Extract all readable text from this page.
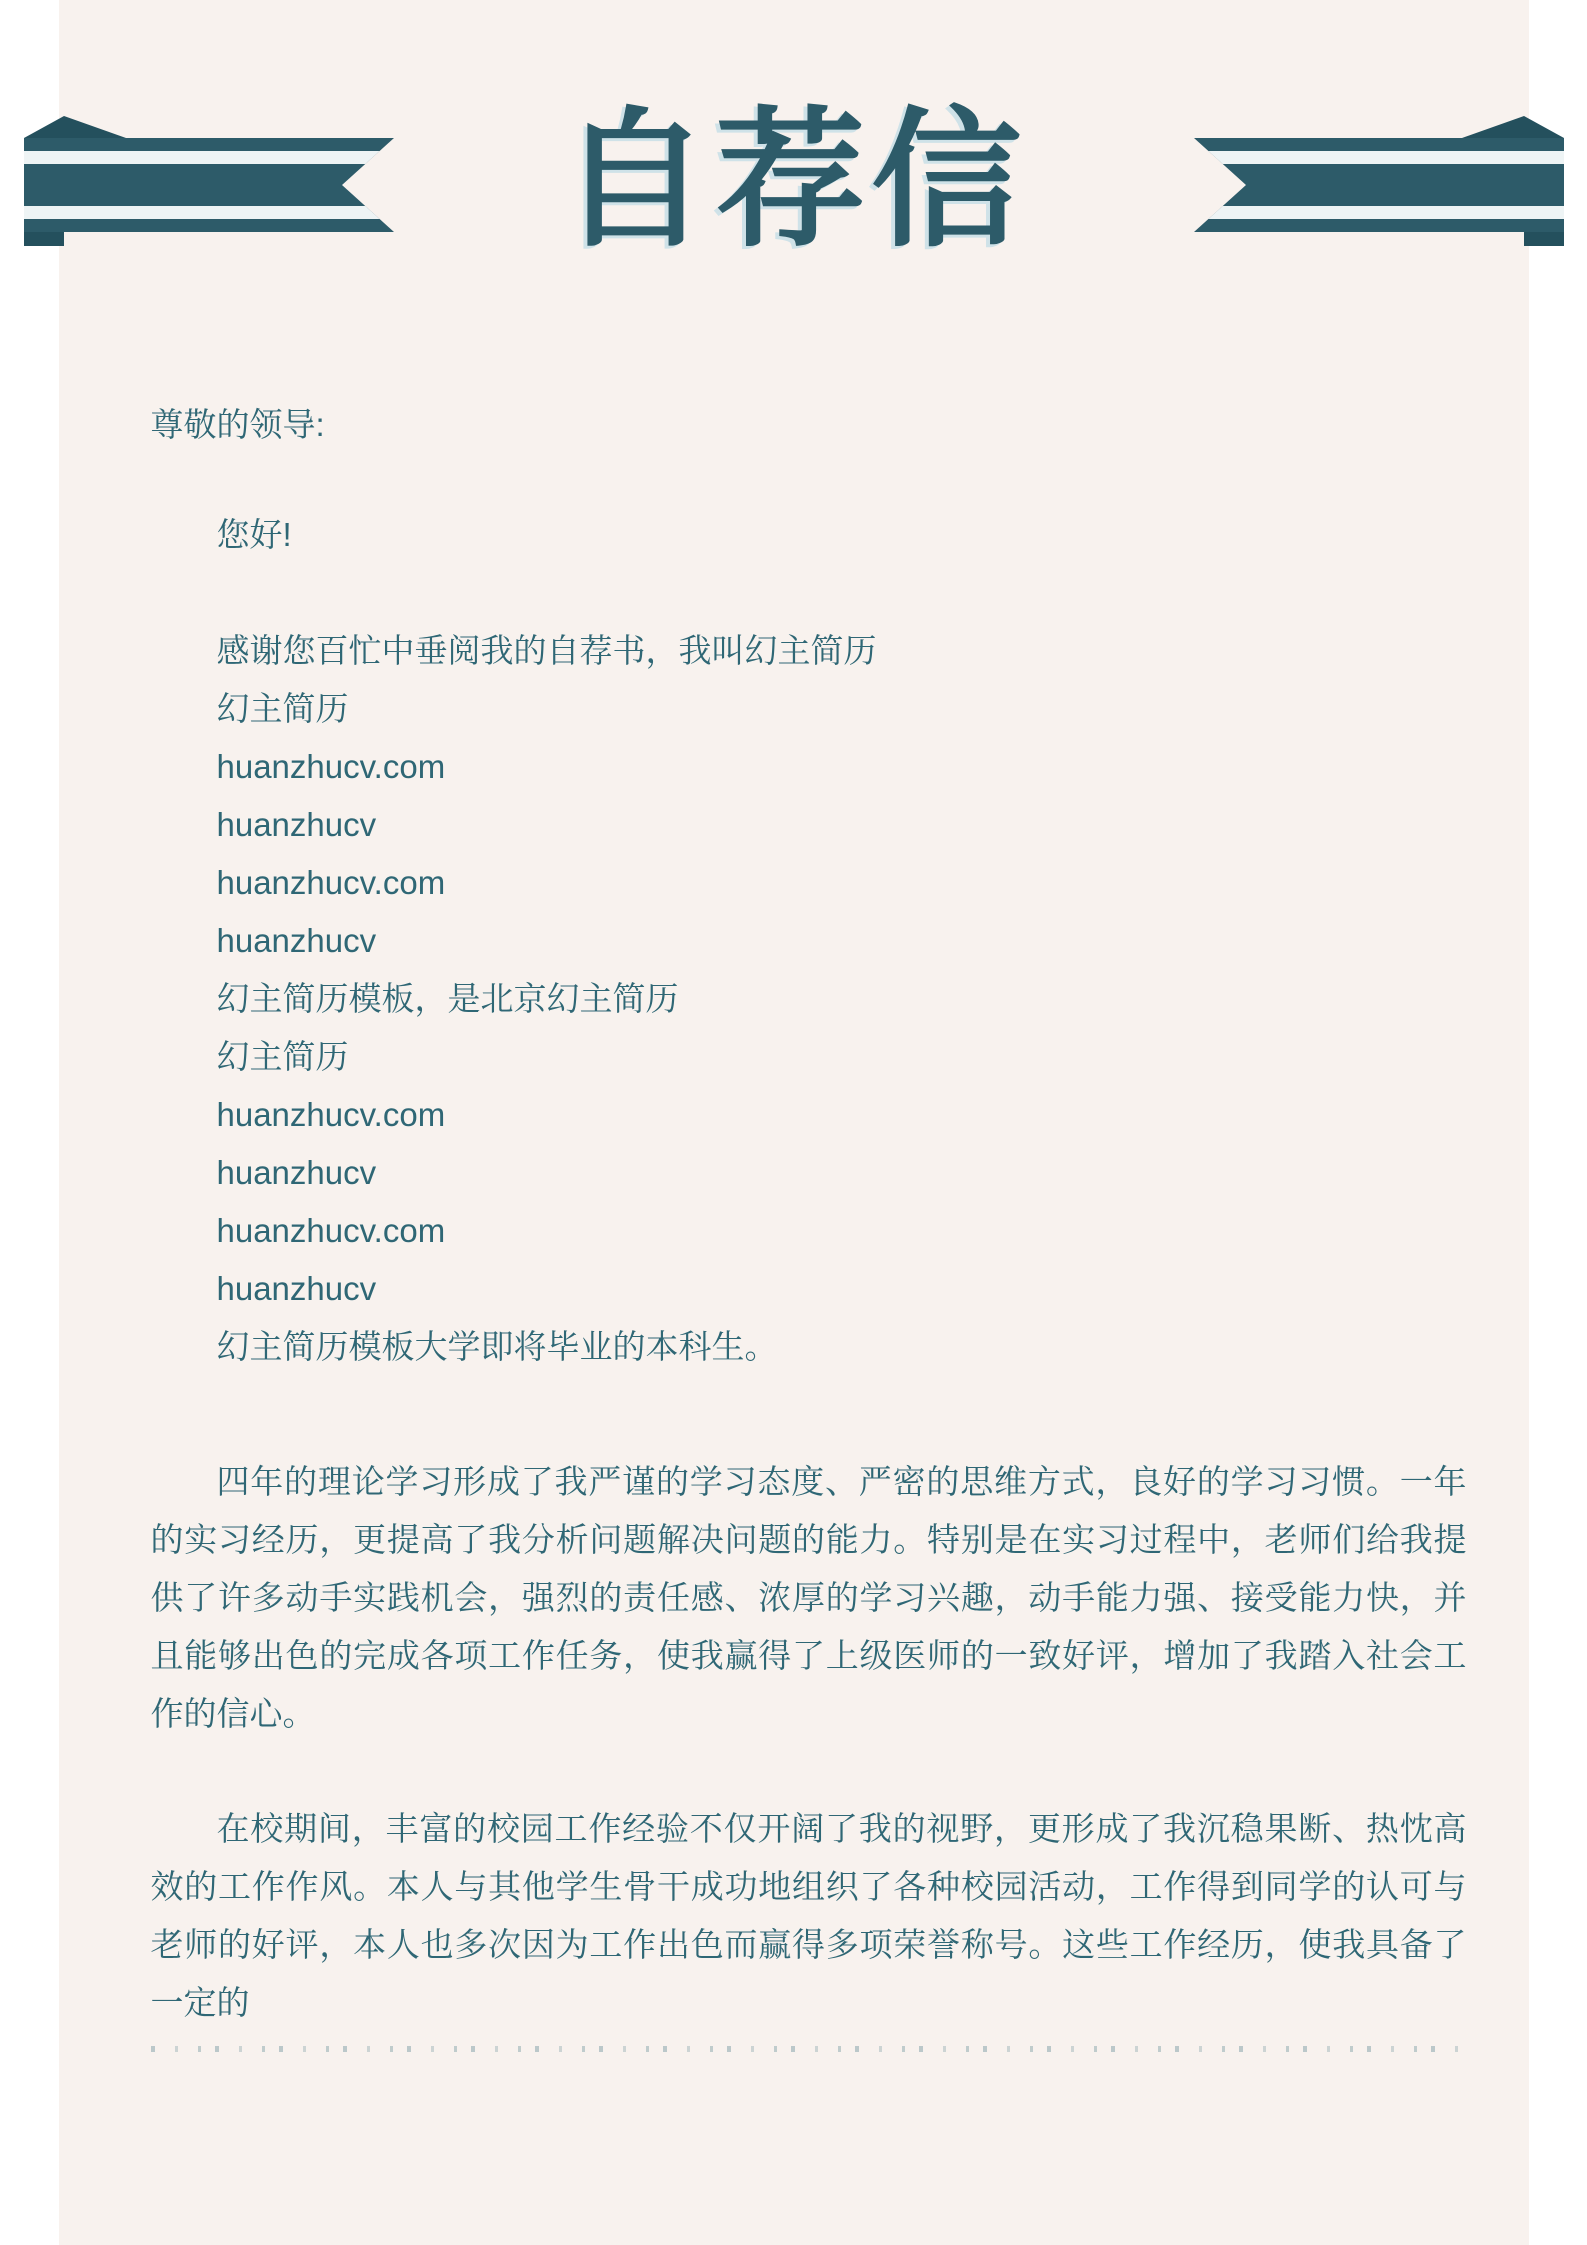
自荐信
尊敬的领导:
您好!
感谢您百忙中垂阅我的自荐书，我叫幻主简历
幻主简历
huanzhucv.com
huanzhucv
huanzhucv.com
huanzhucv
幻主简历模板，是北京幻主简历
幻主简历
huanzhucv.com
huanzhucv
huanzhucv.com
huanzhucv
幻主简历模板大学即将毕业的本科生。

四年的理论学习形成了我严谨的学习态度、严密的思维方式，良好的学习习惯。一年的实习经历，更提高了我分析问题解决问题的能力。特别是在实习过程中，老师们给我提供了许多动手实践机会，强烈的责任感、浓厚的学习兴趣，动手能力强、接受能力快，并且能够出色的完成各项工作任务，使我赢得了上级医师的一致好评，增加了我踏入社会工作的信心。

在校期间，丰富的校园工作经验不仅开阔了我的视野，更形成了我沉稳果断、热忱高效的工作作风。本人与其他学生骨干成功地组织了各种校园活动，工作得到同学的认可与老师的好评，本人也多次因为工作出色而赢得多项荣誉称号。这些工作经历，使我具备了一定的
